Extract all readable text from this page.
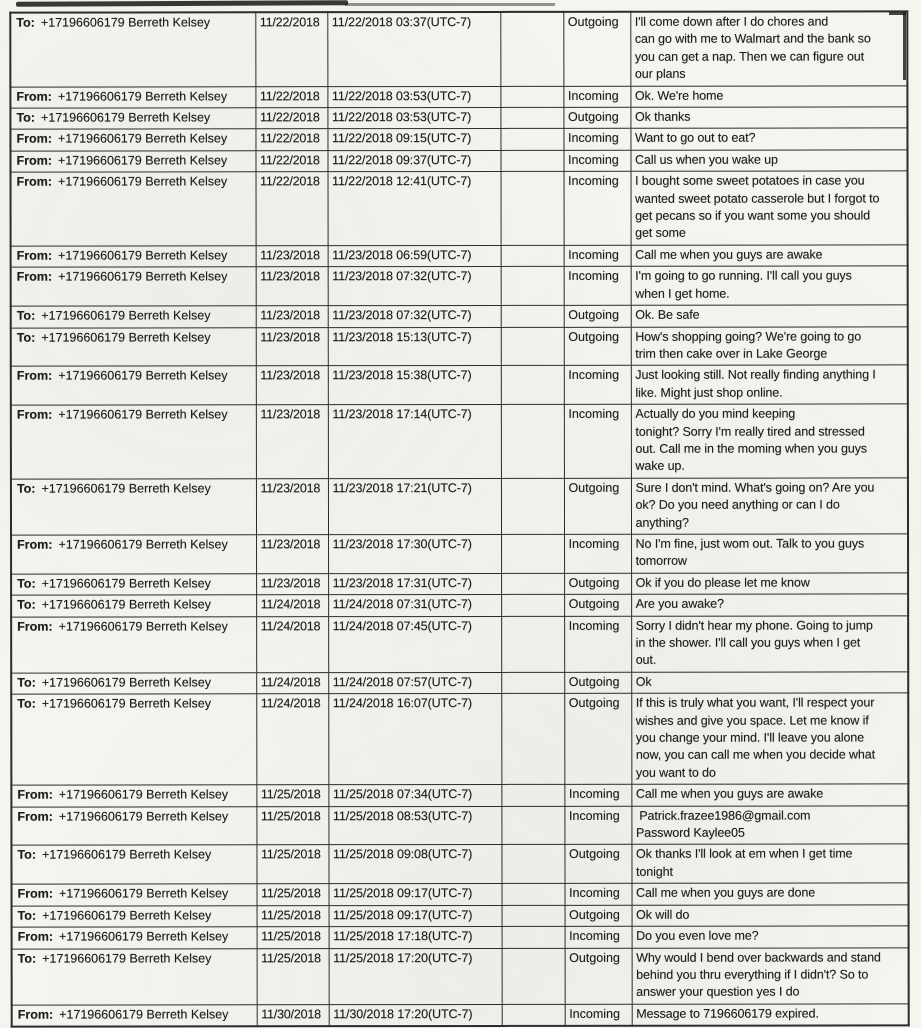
To: +17196606179 Berreth Kelsey	11/22/2018	11/22/2018 03:37(UTC-7)		Outgoing	I'll come down after I do chores and
can go with me to Walmart and the bank so
you can get a nap. Then we can figure out
our plans
From: +17196606179 Berreth Kelsey	11/22/2018	11/22/2018 03:53(UTC-7)		Incoming	Ok. We're home
To: +17196606179 Berreth Kelsey	11/22/2018	11/22/2018 03:53(UTC-7)		Outgoing	Ok thanks
From: +17196606179 Berreth Kelsey	11/22/2018	11/22/2018 09:15(UTC-7)		Incoming	Want to go out to eat?
From: +17196606179 Berreth Kelsey	11/22/2018	11/22/2018 09:37(UTC-7)		Incoming	Call us when you wake up
From: +17196606179 Berreth Kelsey	11/22/2018	11/22/2018 12:41(UTC-7)		Incoming	I bought some sweet potatoes in case you
wanted sweet potato casserole but I forgot to
get pecans so if you want some you should
get some
From: +17196606179 Berreth Kelsey	11/23/2018	11/23/2018 06:59(UTC-7)		Incoming	Call me when you guys are awake
From: +17196606179 Berreth Kelsey	11/23/2018	11/23/2018 07:32(UTC-7)		Incoming	I'm going to go running. I'll call you guys
when I get home.
To: +17196606179 Berreth Kelsey	11/23/2018	11/23/2018 07:32(UTC-7)		Outgoing	Ok. Be safe
To: +17196606179 Berreth Kelsey	11/23/2018	11/23/2018 15:13(UTC-7)		Outgoing	How's shopping going? We're going to go
trim then cake over in Lake George
From: +17196606179 Berreth Kelsey	11/23/2018	11/23/2018 15:38(UTC-7)		Incoming	Just looking still. Not really finding anything I
like. Might just shop online.
From: +17196606179 Berreth Kelsey	11/23/2018	11/23/2018 17:14(UTC-7)		Incoming	Actually do you mind keeping
tonight? Sorry I'm really tired and stressed
out. Call me in the moming when you guys
wake up.
To: +17196606179 Berreth Kelsey	11/23/2018	11/23/2018 17:21(UTC-7)		Outgoing	Sure I don't mind. What's going on? Are you
ok? Do you need anything or can I do
anything?
From: +17196606179 Berreth Kelsey	11/23/2018	11/23/2018 17:30(UTC-7)		Incoming	No I'm fine, just wom out. Talk to you guys
tomorrow
To: +17196606179 Berreth Kelsey	11/23/2018	11/23/2018 17:31(UTC-7)		Outgoing	Ok if you do please let me know
To: +17196606179 Berreth Kelsey	11/24/2018	11/24/2018 07:31(UTC-7)		Outgoing	Are you awake?
From: +17196606179 Berreth Kelsey	11/24/2018	11/24/2018 07:45(UTC-7)		Incoming	Sorry I didn't hear my phone. Going to jump
in the shower. I'll call you guys when I get
out.
To: +17196606179 Berreth Kelsey	11/24/2018	11/24/2018 07:57(UTC-7)		Outgoing	Ok
To: +17196606179 Berreth Kelsey	11/24/2018	11/24/2018 16:07(UTC-7)		Outgoing	If this is truly what you want, I'll respect your
wishes and give you space. Let me know if
you change your mind. I'll leave you alone
now, you can call me when you decide what
you want to do
From: +17196606179 Berreth Kelsey	11/25/2018	11/25/2018 07:34(UTC-7)		Incoming	Call me when you guys are awake
From: +17196606179 Berreth Kelsey	11/25/2018	11/25/2018 08:53(UTC-7)		Incoming	Patrick.frazee1986@gmail.com
Password Kaylee05
To: +17196606179 Berreth Kelsey	11/25/2018	11/25/2018 09:08(UTC-7)		Outgoing	Ok thanks I'll look at em when I get time
tonight
From: +17196606179 Berreth Kelsey	11/25/2018	11/25/2018 09:17(UTC-7)		Incoming	Call me when you guys are done
To: +17196606179 Berreth Kelsey	11/25/2018	11/25/2018 09:17(UTC-7)		Outgoing	Ok will do
From: +17196606179 Berreth Kelsey	11/25/2018	11/25/2018 17:18(UTC-7)		Incoming	Do you even love me?
To: +17196606179 Berreth Kelsey	11/25/2018	11/25/2018 17:20(UTC-7)		Outgoing	Why would I bend over backwards and stand
behind you thru everything if I didn't? So to
answer your question yes I do
From: +17196606179 Berreth Kelsey	11/30/2018	11/30/2018 17:20(UTC-7)		Incoming	Message to 7196606179 expired.
